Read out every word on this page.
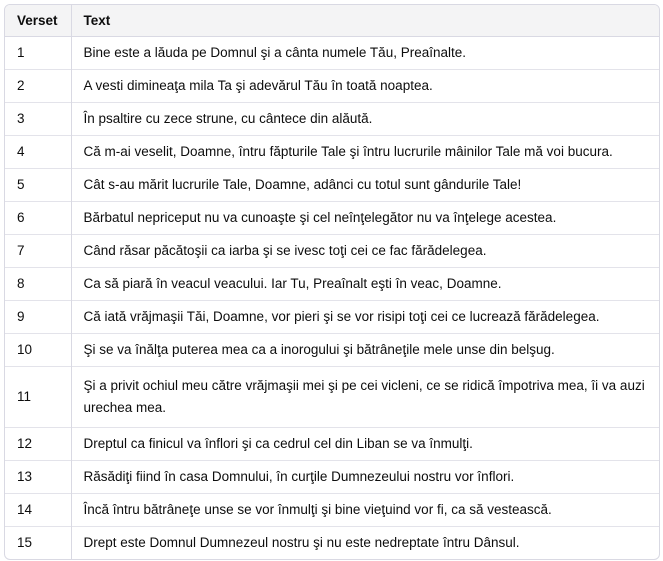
Verset	Text
1	Bine este a lăuda pe Domnul şi a cânta numele Tău, Preaînalte.
2	A vesti dimineaţa mila Ta şi adevărul Tău în toată noaptea.
3	În psaltire cu zece strune, cu cântece din alăută.
4	Că m-ai veselit, Doamne, întru făpturile Tale şi întru lucrurile mâinilor Tale mă voi bucura.
5	Cât s-au mărit lucrurile Tale, Doamne, adânci cu totul sunt gândurile Tale!
6	Bărbatul nepriceput nu va cunoaşte şi cel neînţelegător nu va înţelege acestea.
7	Când răsar păcătoşii ca iarba şi se ivesc toţi cei ce fac fărădelegea.
8	Ca să piară în veacul veacului. Iar Tu, Preaînalt eşti în veac, Doamne.
9	Că iată vrăjmaşii Tăi, Doamne, vor pieri şi se vor risipi toţi cei ce lucrează fărădelegea.
10	Şi se va înălţa puterea mea ca a inorogului şi bătrâneţile mele unse din belşug.
11	Şi a privit ochiul meu către vrăjmaşii mei şi pe cei vicleni, ce se ridică împotriva mea, îi va auzi urechea mea.
12	Dreptul ca finicul va înflori şi ca cedrul cel din Liban se va înmulţi.
13	Răsădiţi fiind în casa Domnului, în curţile Dumnezeului nostru vor înflori.
14	Încă întru bătrâneţe unse se vor înmulţi şi bine vieţuind vor fi, ca să vestească.
15	Drept este Domnul Dumnezeul nostru şi nu este nedreptate întru Dânsul.
